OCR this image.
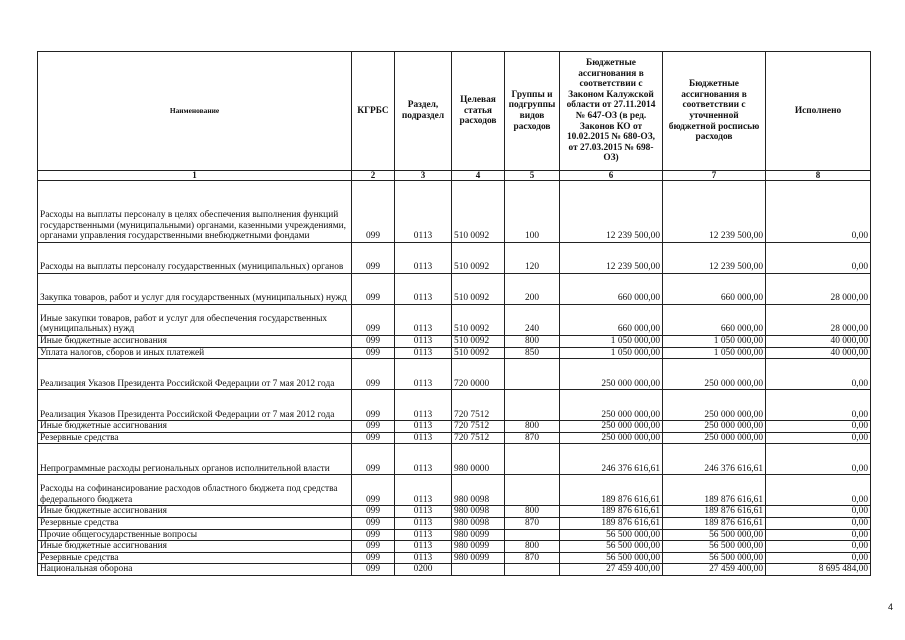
Наименование	КГРБС	Раздел, подраздел	Целевая статья расходов	Группы и подгруппы видов расходов	Бюджетные ассигнования в соответствии с Законом Калужской области от 27.11.2014 № 647-ОЗ (в ред. Законов КО от 10.02.2015 № 680-ОЗ, от 27.03.2015 № 698-ОЗ)	Бюджетные ассигнования в соответствии с уточненной бюджетной росписью расходов	Исполнено
1	2	3	4	5	6	7	8
Расходы на выплаты персоналу в целях обеспечения выполнения функций государственными (муниципальными) органами, казенными учреждениями, органами управления государственными внебюджетными фондами	099	0113	510 0092	100	12 239 500,00	12 239 500,00	0,00
Расходы на выплаты персоналу государственных (муниципальных) органов	099	0113	510 0092	120	12 239 500,00	12 239 500,00	0,00
Закупка товаров, работ и услуг для государственных (муниципальных) нужд	099	0113	510 0092	200	660 000,00	660 000,00	28 000,00
Иные закупки товаров, работ и услуг для обеспечения государственных (муниципальных) нужд	099	0113	510 0092	240	660 000,00	660 000,00	28 000,00
Иные бюджетные ассигнования	099	0113	510 0092	800	1 050 000,00	1 050 000,00	40 000,00
Уплата налогов, сборов и иных платежей	099	0113	510 0092	850	1 050 000,00	1 050 000,00	40 000,00
Реализация Указов Президента Российской Федерации от 7 мая 2012 года	099	0113	720 0000		250 000 000,00	250 000 000,00	0,00
Реализация Указов Президента Российской Федерации от 7 мая 2012 года	099	0113	720 7512		250 000 000,00	250 000 000,00	0,00
Иные бюджетные ассигнования	099	0113	720 7512	800	250 000 000,00	250 000 000,00	0,00
Резервные средства	099	0113	720 7512	870	250 000 000,00	250 000 000,00	0,00
Непрограммные расходы региональных органов исполнительной власти	099	0113	980 0000		246 376 616,61	246 376 616,61	0,00
Расходы на софинансирование расходов областного бюджета под средства федерального бюджета	099	0113	980 0098		189 876 616,61	189 876 616,61	0,00
Иные бюджетные ассигнования	099	0113	980 0098	800	189 876 616,61	189 876 616,61	0,00
Резервные средства	099	0113	980 0098	870	189 876 616,61	189 876 616,61	0,00
Прочие общегосударственные вопросы	099	0113	980 0099		56 500 000,00	56 500 000,00	0,00
Иные бюджетные ассигнования	099	0113	980 0099	800	56 500 000,00	56 500 000,00	0,00
Резервные средства	099	0113	980 0099	870	56 500 000,00	56 500 000,00	0,00
Национальная оборона	099	0200			27 459 400,00	27 459 400,00	8 695 484,00
4
